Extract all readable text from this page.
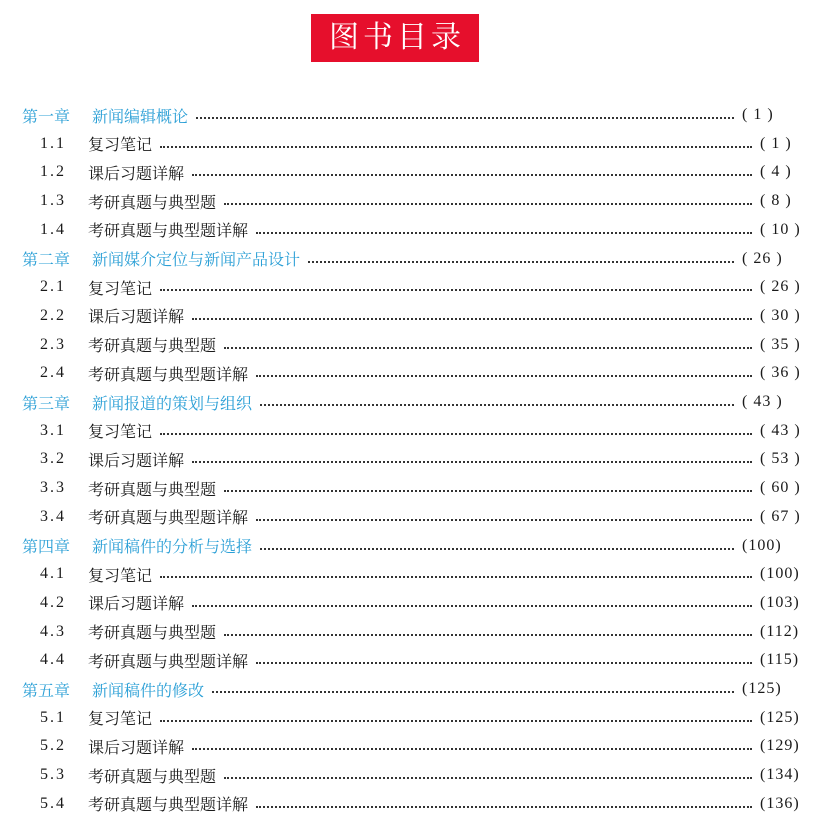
图书目录
第一章 新闻编辑概论	( 1 )
1.1	复习笔记	( 1 )
1.2	课后习题详解	( 4 )
1.3	考研真题与典型题	( 8 )
1.4	考研真题与典型题详解	( 10 )
第二章 新闻媒介定位与新闻产品设计	( 26 )
2.1	复习笔记	( 26 )
2.2	课后习题详解	( 30 )
2.3	考研真题与典型题	( 35 )
2.4	考研真题与典型题详解	( 36 )
第三章 新闻报道的策划与组织	( 43 )
3.1	复习笔记	( 43 )
3.2	课后习题详解	( 53 )
3.3	考研真题与典型题	( 60 )
3.4	考研真题与典型题详解	( 67 )
第四章 新闻稿件的分析与选择	(100)
4.1	复习笔记	(100)
4.2	课后习题详解	(103)
4.3	考研真题与典型题	(112)
4.4	考研真题与典型题详解	(115)
第五章 新闻稿件的修改	(125)
5.1	复习笔记	(125)
5.2	课后习题详解	(129)
5.3	考研真题与典型题	(134)
5.4	考研真题与典型题详解	(136)
